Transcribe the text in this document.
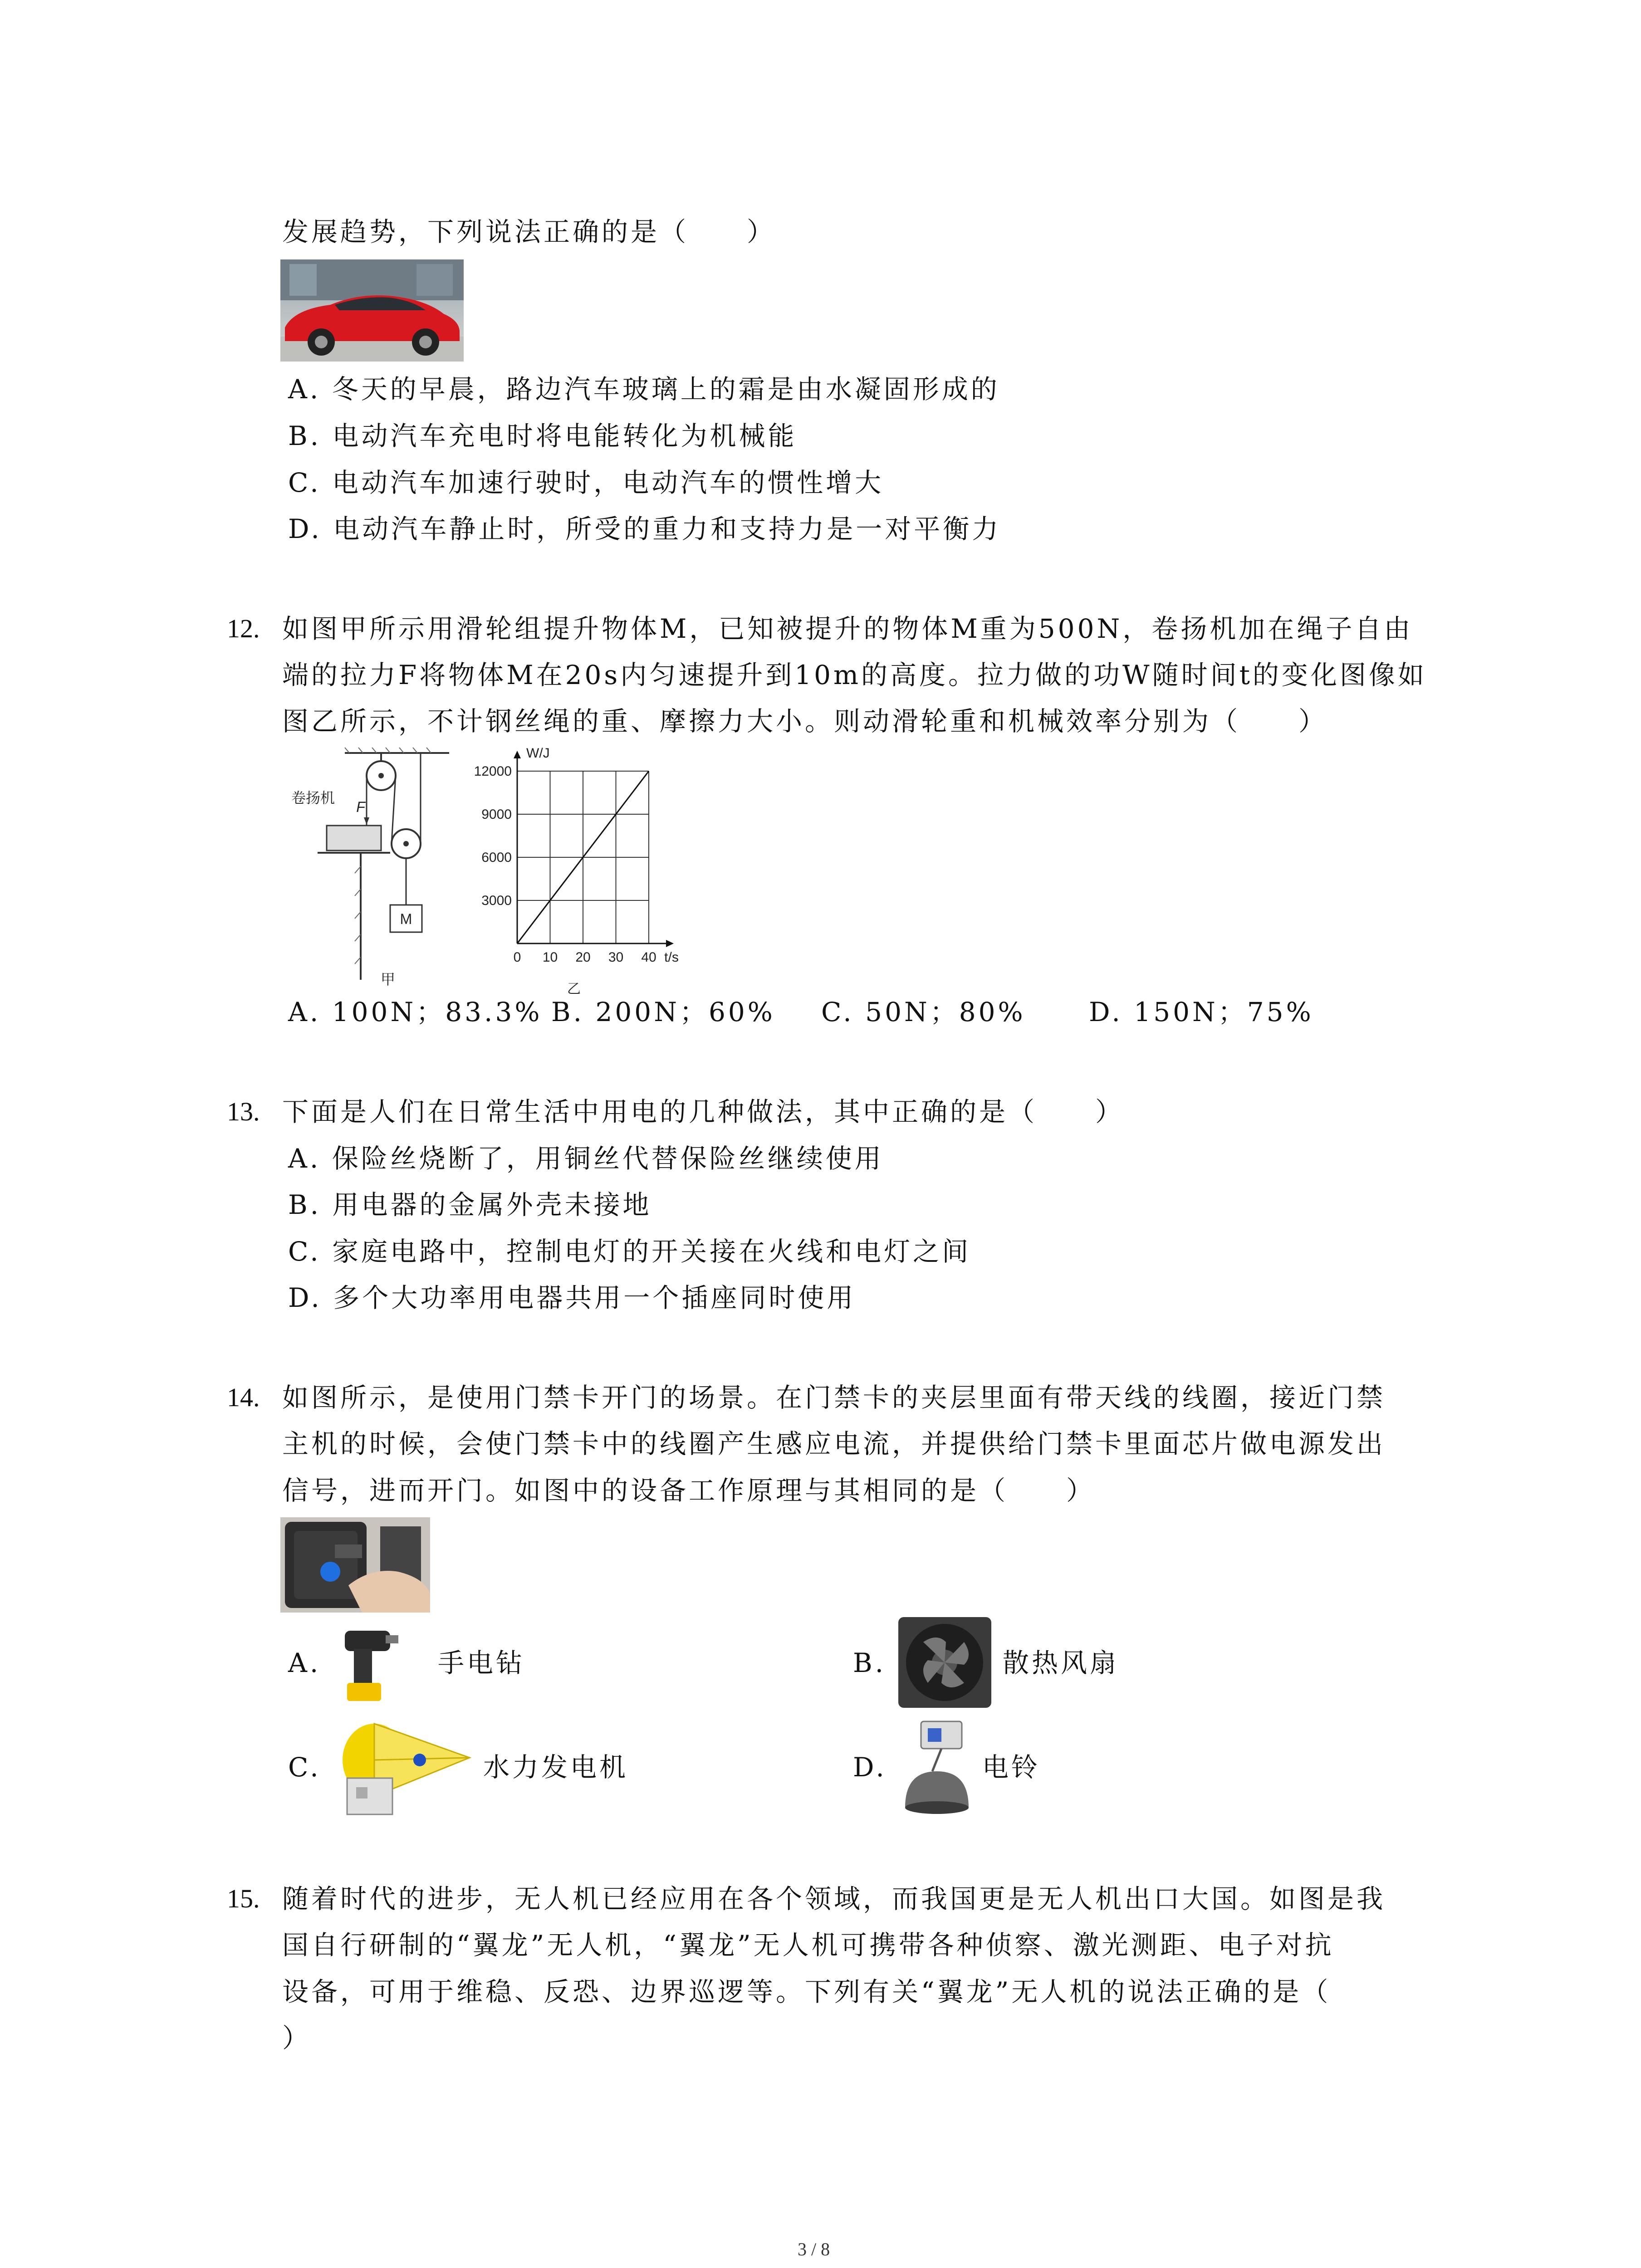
发展趋势，下列说法正确的是（　　）
A. 冬天的早晨，路边汽车玻璃上的霜是由水凝固形成的
B. 电动汽车充电时将电能转化为机械能
C. 电动汽车加速行驶时，电动汽车的惯性增大
D. 电动汽车静止时，所受的重力和支持力是一对平衡力
12. 如图甲所示用滑轮组提升物体M，已知被提升的物体M重为500N，卷扬机加在绳子自由
端的拉力F将物体M在20s内匀速提升到10m的高度。拉力做的功W随时间t的变化图像如
图乙所示，不计钢丝绳的重、摩擦力大小。则动滑轮重和机械效率分别为（　　）
M
F
卷扬机
甲
0 10 20 30 40
3000
6000
9000
12000
t/s
W/J
乙
A. 100N；83.3% B. 200N；60% C. 50N；80% D. 150N；75%
13. 下面是人们在日常生活中用电的几种做法，其中正确的是（　　）
A. 保险丝烧断了，用铜丝代替保险丝继续使用
B. 用电器的金属外壳未接地
C. 家庭电路中，控制电灯的开关接在火线和电灯之间
D. 多个大功率用电器共用一个插座同时使用
14. 如图所示，是使用门禁卡开门的场景。在门禁卡的夹层里面有带天线的线圈，接近门禁
主机的时候，会使门禁卡中的线圈产生感应电流，并提供给门禁卡里面芯片做电源发出
信号，进而开门。如图中的设备工作原理与其相同的是（　　）
A.	手电钻	B.	散热风扇
C.	水力发电机	D.	电铃
15. 随着时代的进步，无人机已经应用在各个领域，而我国更是无人机出口大国。如图是我
国自行研制的“翼龙”无人机，“翼龙”无人机可携带各种侦察、激光测距、电子对抗
设备，可用于维稳、反恐、边界巡逻等。下列有关“翼龙”无人机的说法正确的是（
）
3 / 8
